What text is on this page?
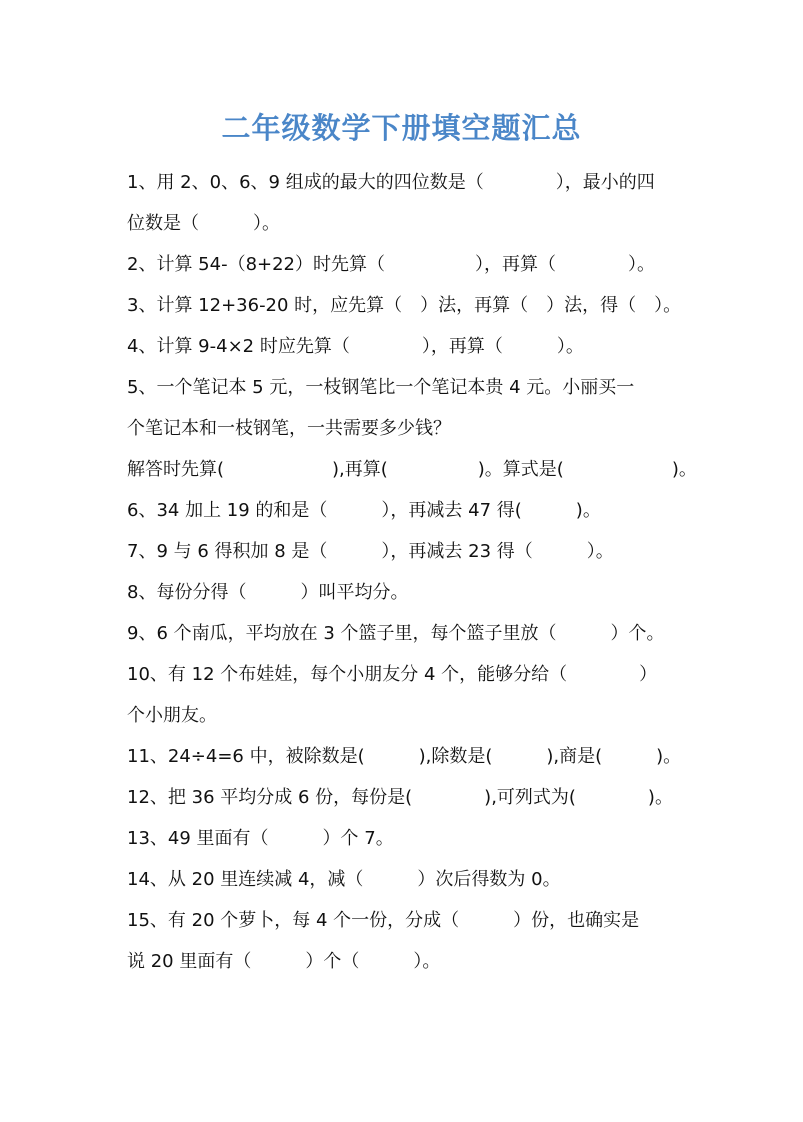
二年级数学下册填空题汇总
1、用 2、0、6、9 组成的最大的四位数是（　　　　），最小的四
位数是（　　　）。
2、计算 54-（8+22）时先算（　　　　　），再算（　　　　）。
3、计算 12+36-20 时，应先算（　）法，再算（　）法，得（　）。
4、计算 9-4×2 时应先算（　　　　），再算（　　　）。
5、一个笔记本 5 元，一枝钢笔比一个笔记本贵 4 元。小丽买一
个笔记本和一枝钢笔，一共需要多少钱？
解答时先算(　　　　　　),再算(　　　　　)。算式是(　　　　　　)。
6、34 加上 19 的和是（　　　），再减去 47 得(　　　)。
7、9 与 6 得积加 8 是（　　　），再减去 23 得（　　　）。
8、每份分得（　　　）叫平均分。
9、6 个南瓜，平均放在 3 个篮子里，每个篮子里放（　　　）个。
10、有 12 个布娃娃，每个小朋友分 4 个，能够分给（　　　　）
个小朋友。
11、24÷4=6 中，被除数是(　　　),除数是(　　　),商是(　　　)。
12、把 36 平均分成 6 份，每份是(　　　　),可列式为(　　　　)。
13、49 里面有（　　　）个 7。
14、从 20 里连续减 4，减（　　　）次后得数为 0。
15、有 20 个萝卜，每 4 个一份，分成（　　　）份，也确实是
说 20 里面有（　　　）个（　　　）。
